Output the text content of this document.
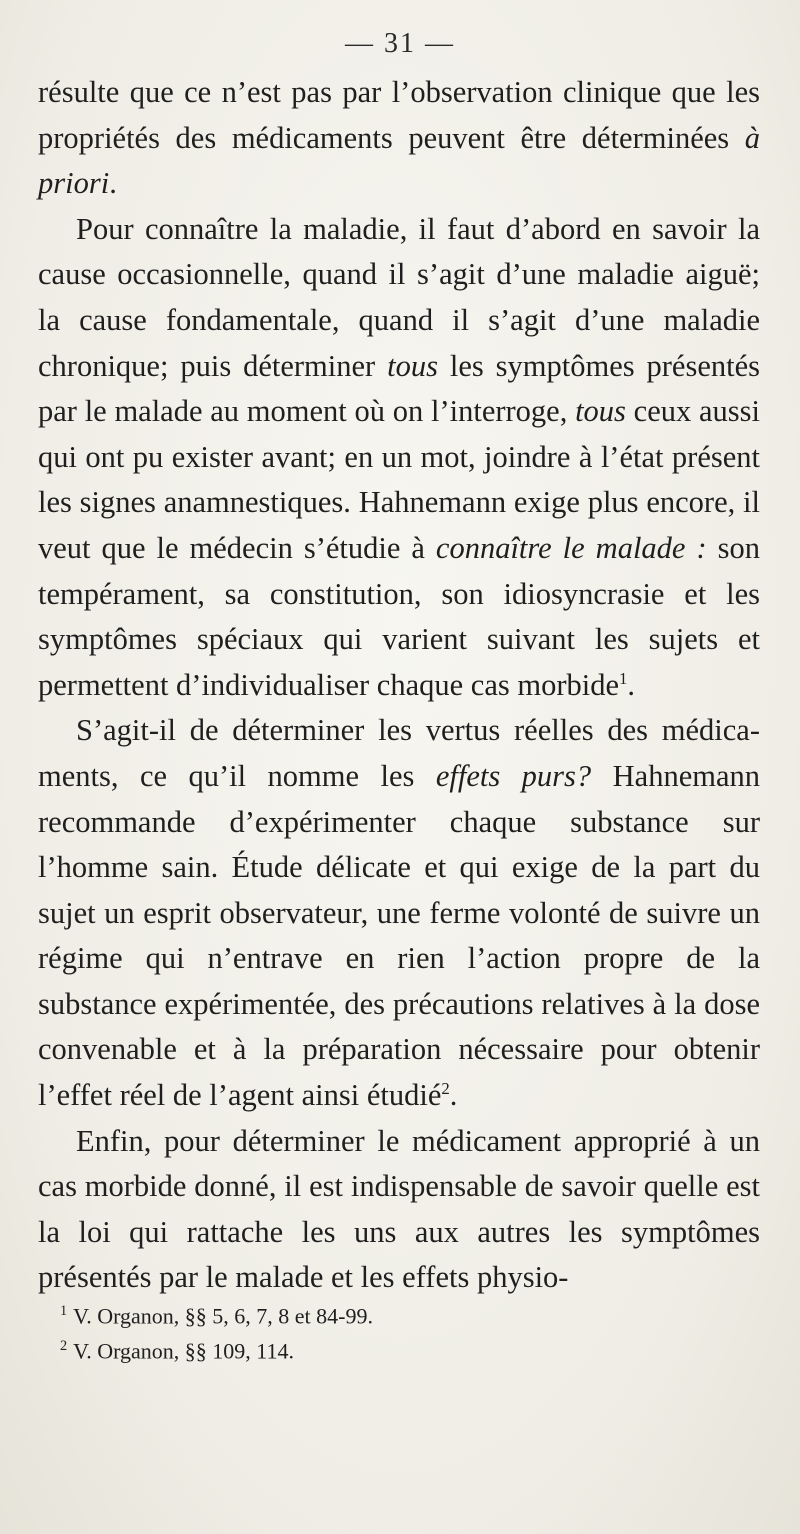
— 31 —

résulte que ce n’est pas par l’observation clinique que les propriétés des médicaments peuvent être déterminées à priori.

Pour connaître la maladie, il faut d’abord en savoir la cause occasionnelle, quand il s’agit d’une maladie aiguë; la cause fondamentale, quand il s’agit d’une maladie chronique; puis déterminer tous les symptômes présentés par le malade au moment où on l’interroge, tous ceux aussi qui ont pu exister avant; en un mot, joindre à l’état présent les signes anamnestiques. Hahnemann exige plus encore, il veut que le médecin s’étudie à connaître le malade : son tempérament, sa constitution, son idiosyncrasie et les symptômes spéciaux qui varient suivant les sujets et permettent d’individualiser chaque cas morbide$^1$.

S’agit-il de déterminer les vertus réelles des médicaments, ce qu’il nomme les effets purs? Hahnemann recommande d’expérimenter chaque substance sur l’homme sain. Étude délicate et qui exige de la part du sujet un esprit observateur, une ferme volonté de suivre un régime qui n’entrave en rien l’action propre de la substance expérimentée, des précautions relatives à la dose convenable et à la préparation nécessaire pour obtenir l’effet réel de l’agent ainsi étudié$^2$.

Enfin, pour déterminer le médicament approprié à un cas morbide donné, il est indispensable de savoir quelle est la loi qui rattache les uns aux autres les symptômes présentés par le malade et les effets physio-

$^1$ V. Organon, §§ 5, 6, 7, 8 et 84-99.
$^2$ V. Organon, §§ 109, 114.
